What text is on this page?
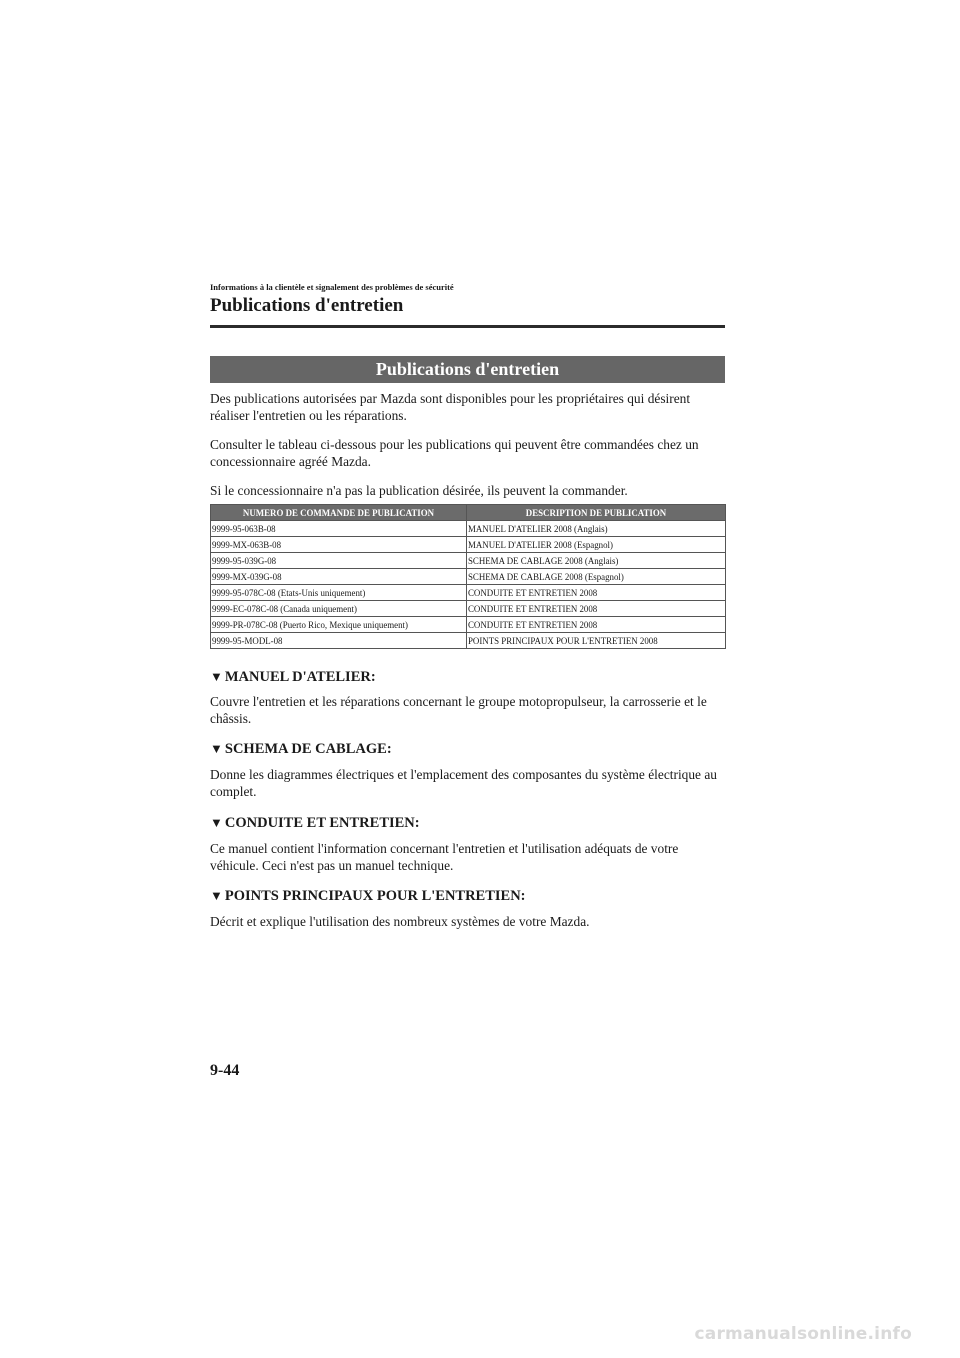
Informations à la clientèle et signalement des problèmes de sécurité
Publications d'entretien
Publications d'entretien

Des publications autorisées par Mazda sont disponibles pour les propriétaires qui désirent réaliser l'entretien ou les réparations.

Consulter le tableau ci-dessous pour les publications qui peuvent être commandées chez un concessionnaire agréé Mazda.

Si le concessionnaire n'a pas la publication désirée, ils peuvent la commander.

NUMERO DE COMMANDE DE PUBLICATION	DESCRIPTION DE PUBLICATION
9999-95-063B-08	MANUEL D'ATELIER 2008 (Anglais)
9999-MX-063B-08	MANUEL D'ATELIER 2008 (Espagnol)
9999-95-039G-08	SCHEMA DE CABLAGE 2008 (Anglais)
9999-MX-039G-08	SCHEMA DE CABLAGE 2008 (Espagnol)
9999-95-078C-08 (Etats-Unis uniquement)	CONDUITE ET ENTRETIEN 2008
9999-EC-078C-08 (Canada uniquement)	CONDUITE ET ENTRETIEN 2008
9999-PR-078C-08 (Puerto Rico, Mexique uniquement)	CONDUITE ET ENTRETIEN 2008
9999-95-MODL-08	POINTS PRINCIPAUX POUR L'ENTRETIEN 2008
▼ MANUEL D'ATELIER:

Couvre l'entretien et les réparations concernant le groupe motopropulseur, la carrosserie et le châssis.

▼ SCHEMA DE CABLAGE:

Donne les diagrammes électriques et l'emplacement des composantes du système électrique au complet.

▼ CONDUITE ET ENTRETIEN:

Ce manuel contient l'information concernant l'entretien et l'utilisation adéquats de votre véhicule. Ceci n'est pas un manuel technique.

▼ POINTS PRINCIPAUX POUR L'ENTRETIEN:

Décrit et explique l'utilisation des nombreux systèmes de votre Mazda.

9-44
carmanualsonline.info
